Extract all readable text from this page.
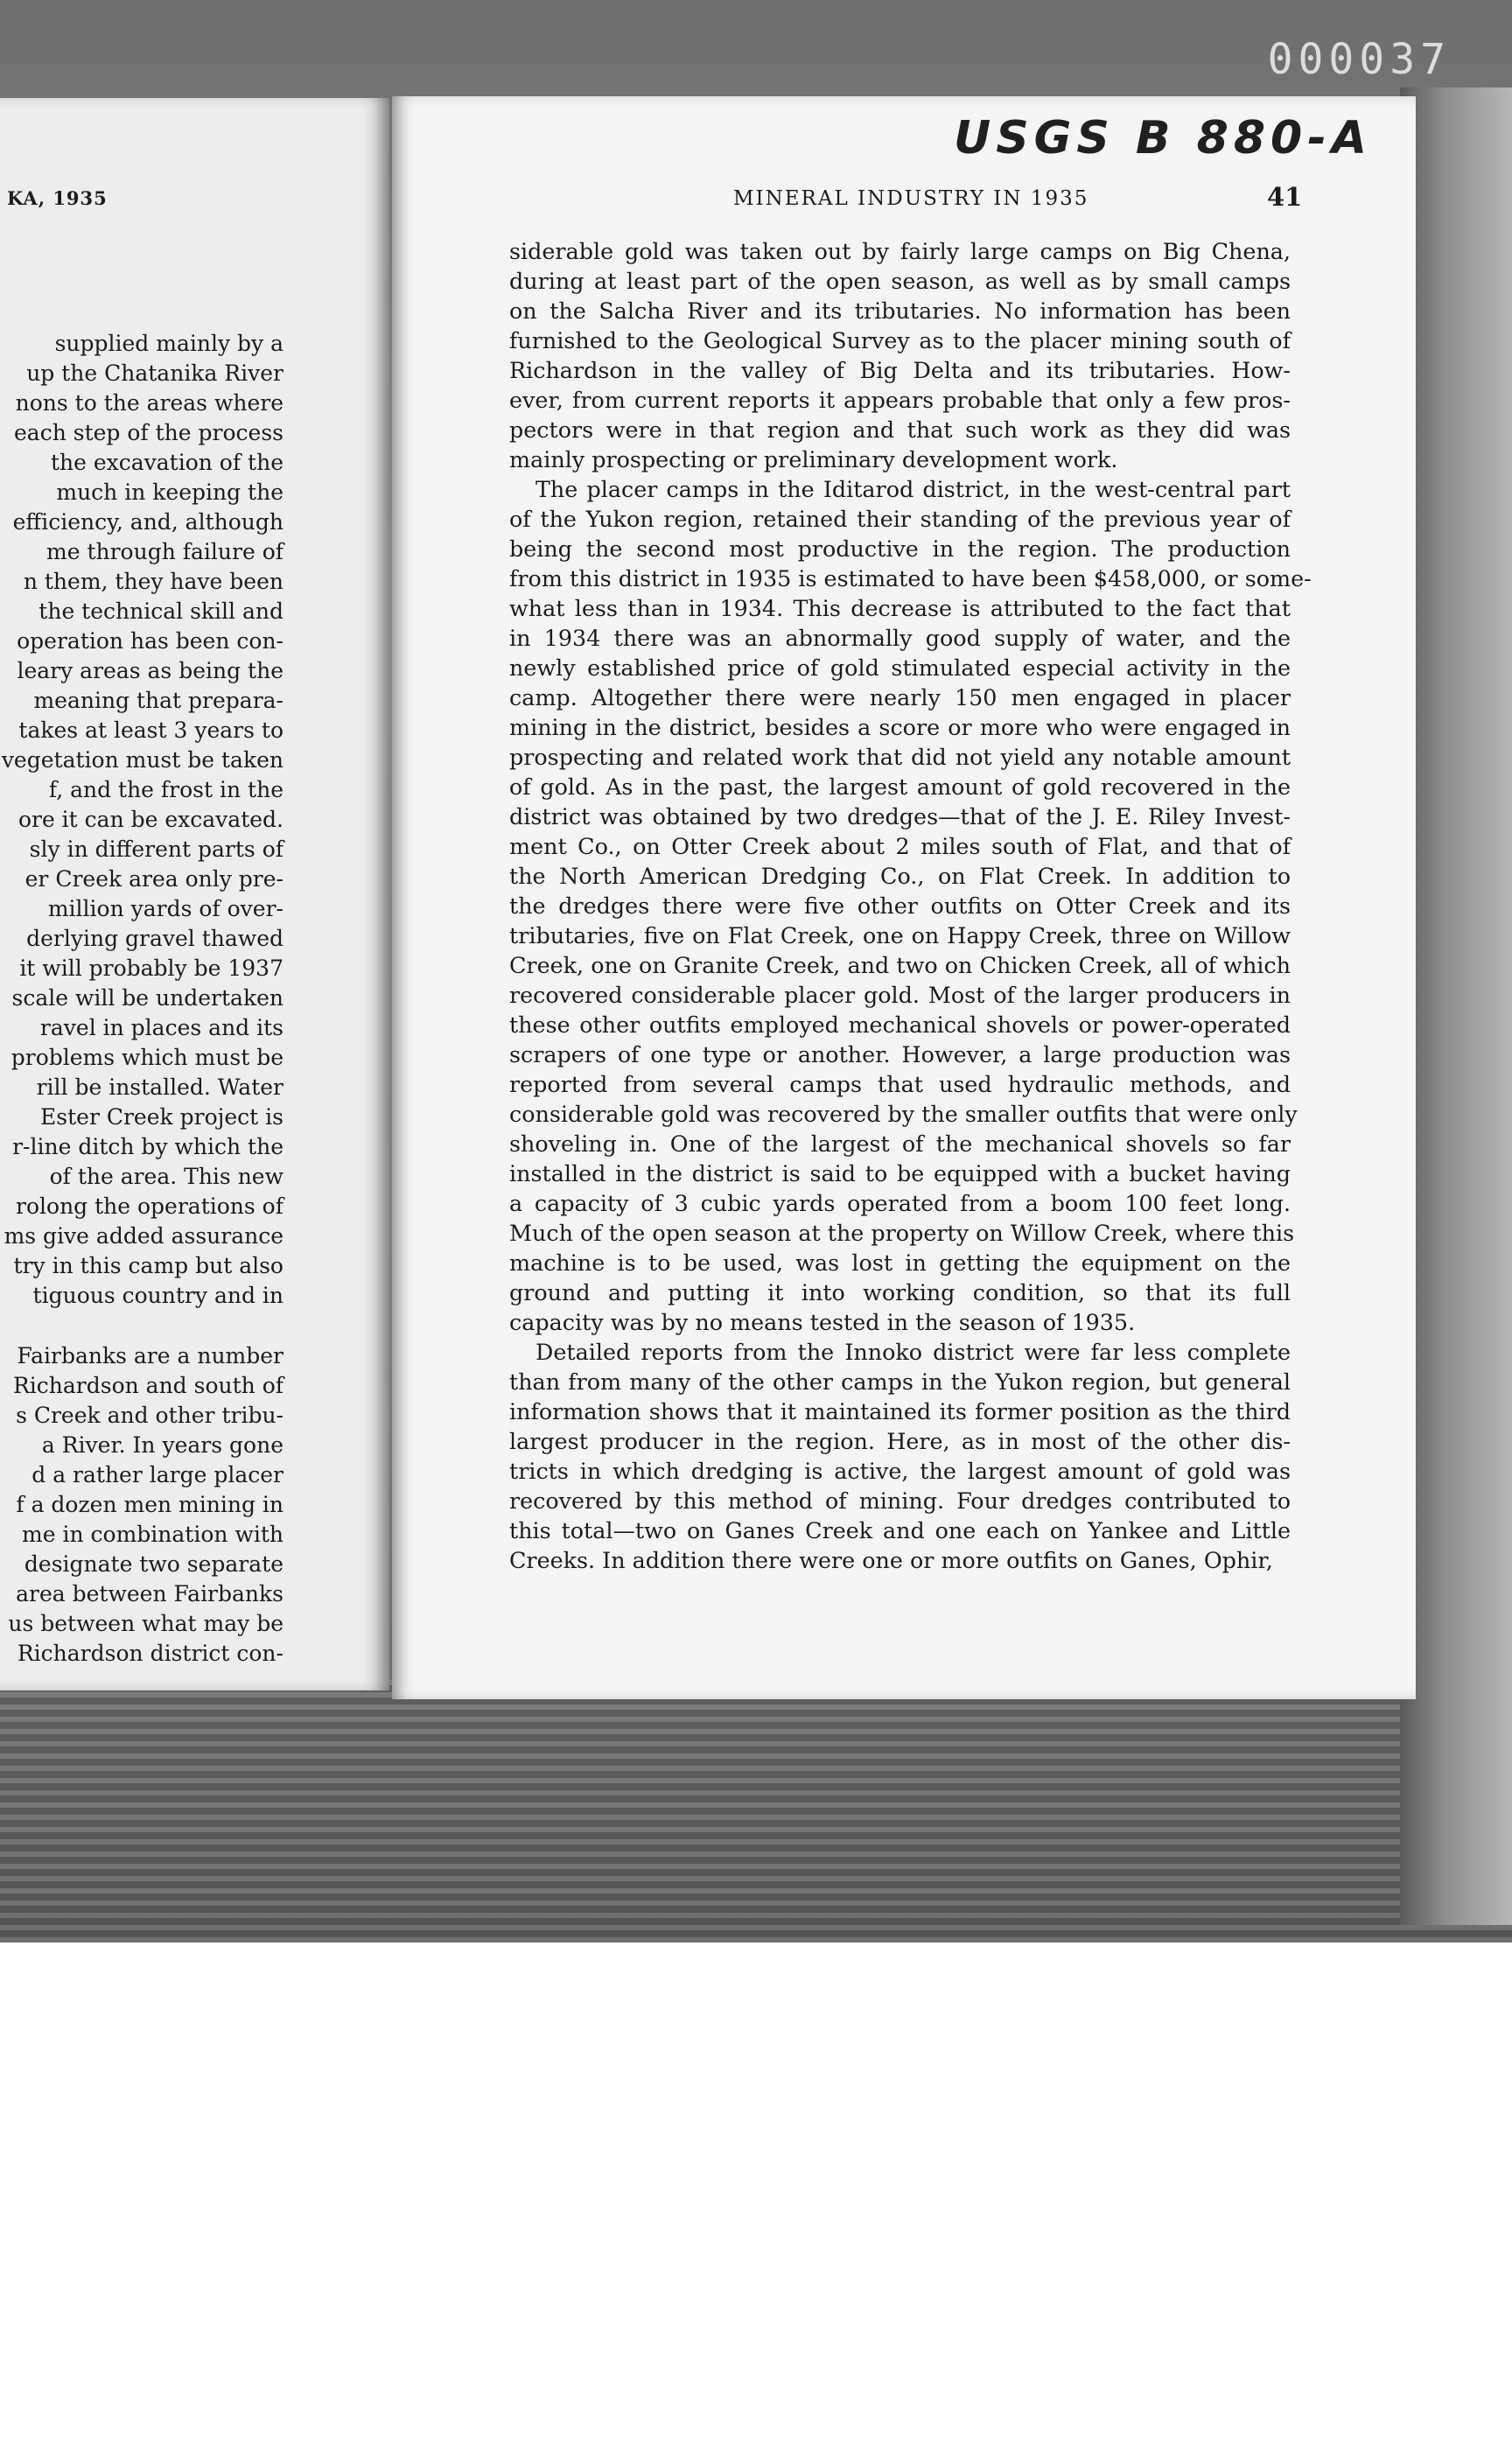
000037
KA, 1935
supplied mainly by a
up the Chatanika River
nons to the areas where
each step of the process
the excavation of the
much in keeping the
efficiency, and, although
me through failure of
n them, they have been
the technical skill and
operation has been con-
leary areas as being the
meaning that prepara-
takes at least 3 years to
vegetation must be taken
f, and the frost in the
ore it can be excavated.
sly in different parts of
er Creek area only pre-
million yards of over-
derlying gravel thawed
it will probably be 1937
scale will be undertaken
ravel in places and its
problems which must be
rill be installed. Water
Ester Creek project is
r-line ditch by which the
of the area. This new
rolong the operations of
ms give added assurance
try in this camp but also
tiguous country and in
Fairbanks are a number
Richardson and south of
s Creek and other tribu-
a River. In years gone
d a rather large placer
f a dozen men mining in
me in combination with
designate two separate
area between Fairbanks
us between what may be
Richardson district con-
USGS B 880-A
MINERAL INDUSTRY IN 1935	41
siderable gold was taken out by fairly large camps on Big Chena,
during at least part of the open season, as well as by small camps
on the Salcha River and its tributaries. No information has been
furnished to the Geological Survey as to the placer mining south of
Richardson in the valley of Big Delta and its tributaries. How-
ever, from current reports it appears probable that only a few pros-
pectors were in that region and that such work as they did was
mainly prospecting or preliminary development work.
The placer camps in the Iditarod district, in the west-central part
of the Yukon region, retained their standing of the previous year of
being the second most productive in the region. The production
from this district in 1935 is estimated to have been $458,000, or some-
what less than in 1934. This decrease is attributed to the fact that
in 1934 there was an abnormally good supply of water, and the
newly established price of gold stimulated especial activity in the
camp. Altogether there were nearly 150 men engaged in placer
mining in the district, besides a score or more who were engaged in
prospecting and related work that did not yield any notable amount
of gold. As in the past, the largest amount of gold recovered in the
district was obtained by two dredges—that of the J. E. Riley Invest-
ment Co., on Otter Creek about 2 miles south of Flat, and that of
the North American Dredging Co., on Flat Creek. In addition to
the dredges there were five other outfits on Otter Creek and its
tributaries, five on Flat Creek, one on Happy Creek, three on Willow
Creek, one on Granite Creek, and two on Chicken Creek, all of which
recovered considerable placer gold. Most of the larger producers in
these other outfits employed mechanical shovels or power-operated
scrapers of one type or another. However, a large production was
reported from several camps that used hydraulic methods, and
considerable gold was recovered by the smaller outfits that were only
shoveling in. One of the largest of the mechanical shovels so far
installed in the district is said to be equipped with a bucket having
a capacity of 3 cubic yards operated from a boom 100 feet long.
Much of the open season at the property on Willow Creek, where this
machine is to be used, was lost in getting the equipment on the
ground and putting it into working condition, so that its full
capacity was by no means tested in the season of 1935.
Detailed reports from the Innoko district were far less complete
than from many of the other camps in the Yukon region, but general
information shows that it maintained its former position as the third
largest producer in the region. Here, as in most of the other dis-
tricts in which dredging is active, the largest amount of gold was
recovered by this method of mining. Four dredges contributed to
this total—two on Ganes Creek and one each on Yankee and Little
Creeks. In addition there were one or more outfits on Ganes, Ophir,
